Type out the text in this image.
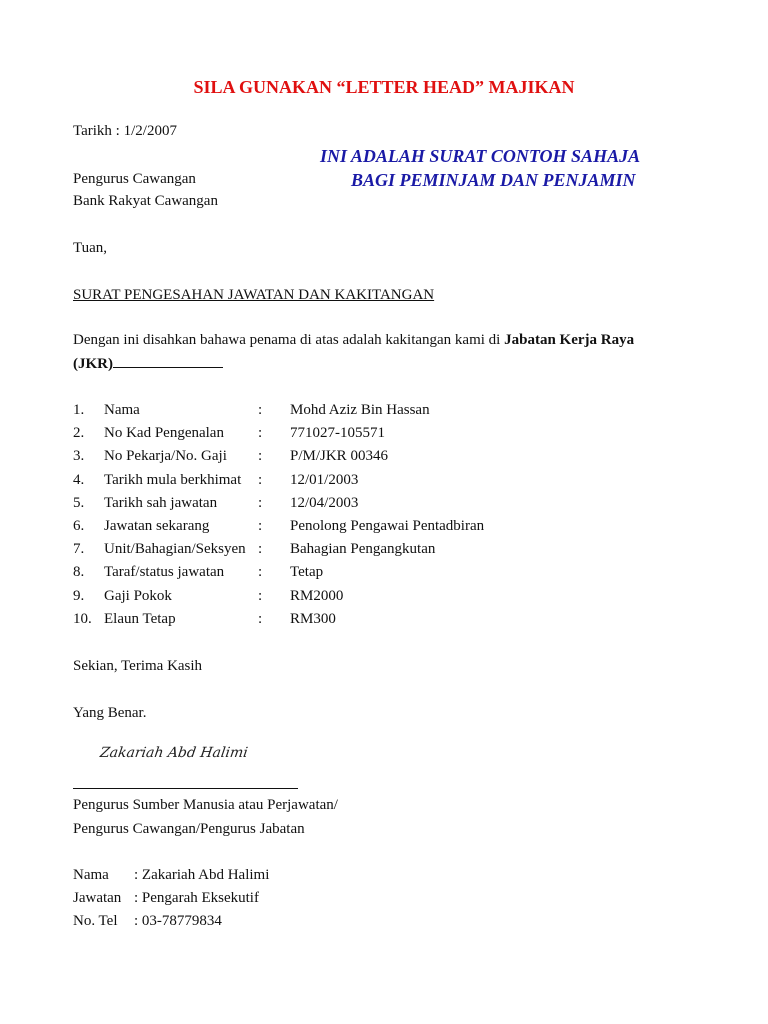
SILA GUNAKAN “LETTER HEAD” MAJIKAN
Tarikh : 1/2/2007
INI ADALAH SURAT CONTOH SAHAJA
BAGI PEMINJAM DAN PENJAMIN
Pengurus Cawangan
Bank Rakyat Cawangan
Tuan,
SURAT PENGESAHAN JAWATAN DAN KAKITANGAN
Dengan ini disahkan bahawa penama di atas adalah kakitangan kami di Jabatan Kerja Raya
(JKR)
1. Nama	: Mohd Aziz Bin Hassan
2. No Kad Pengenalan : 771027-105571
3. No Pekarja/No. Gaji : P/M/JKR 00346
4. Tarikh mula berkhimat : 12/01/2003
5. Tarikh sah jawatan	: 12/04/2003
6. Jawatan sekarang	: Penolong Pengawai Pentadbiran
7. Unit/Bahagian/Seksyen : Bahagian Pengangkutan
8. Taraf/status jawatan : Tetap
9. Gaji Pokok	: RM2000
10. Elaun Tetap	: RM300
Sekian, Terima Kasih
Yang Benar.
Zakariah Abd Halimi
Pengurus Sumber Manusia atau Perjawatan/
Pengurus Cawangan/Pengurus Jabatan
Nama : Zakariah Abd Halimi
Jawatan : Pengarah Eksekutif
No. Tel : 03-78779834
